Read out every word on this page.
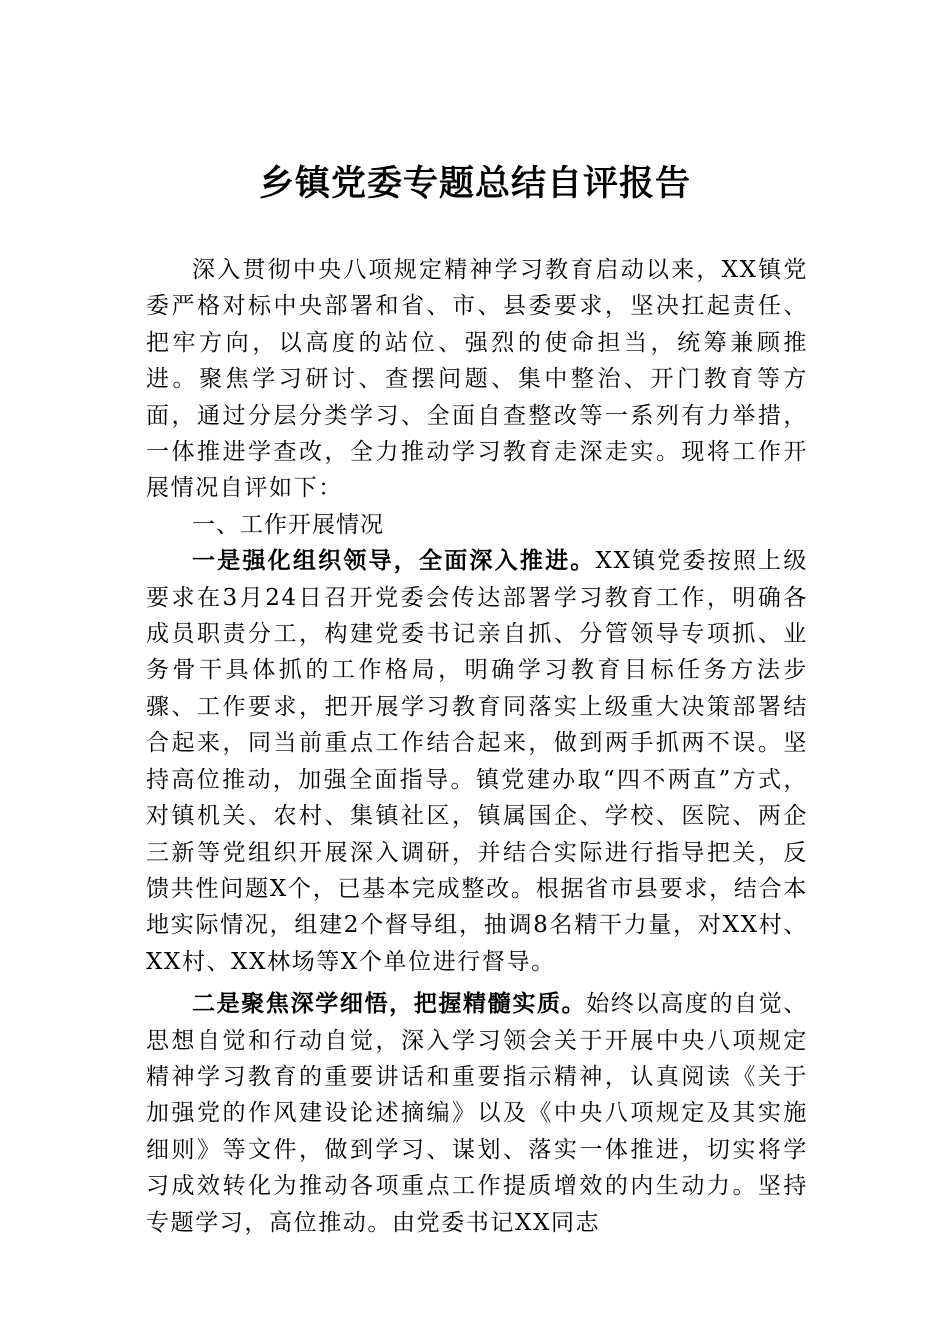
乡镇党委专题总结自评报告

深入贯彻中央八项规定精神学习教育启动以来，XX镇党委严格对标中央部署和省、市、县委要求，坚决扛起责任、把牢方向，以高度的站位、强烈的使命担当，统筹兼顾推进。聚焦学习研讨、查摆问题、集中整治、开门教育等方面，通过分层分类学习、全面自查整改等一系列有力举措，一体推进学查改，全力推动学习教育走深走实。现将工作开展情况自评如下：

一、工作开展情况

一是强化组织领导，全面深入推进。XX镇党委按照上级要求在3月24日召开党委会传达部署学习教育工作，明确各成员职责分工，构建党委书记亲自抓、分管领导专项抓、业务骨干具体抓的工作格局，明确学习教育目标任务方法步骤、工作要求，把开展学习教育同落实上级重大决策部署结合起来，同当前重点工作结合起来，做到两手抓两不误。坚持高位推动，加强全面指导。镇党建办取“四不两直”方式，对镇机关、农村、集镇社区，镇属国企、学校、医院、两企三新等党组织开展深入调研，并结合实际进行指导把关，反馈共性问题X个，已基本完成整改。根据省市县要求，结合本地实际情况，组建2个督导组，抽调8名精干力量，对XX村、XX村、XX林场等X个单位进行督导。

二是聚焦深学细悟，把握精髓实质。始终以高度的自觉、思想自觉和行动自觉，深入学习领会关于开展中央八项规定精神学习教育的重要讲话和重要指示精神，认真阅读《关于加强党的作风建设论述摘编》以及《中央八项规定及其实施细则》等文件，做到学习、谋划、落实一体推进，切实将学习成效转化为推动各项重点工作提质增效的内生动力。坚持专题学习，高位推动。由党委书记XX同志
